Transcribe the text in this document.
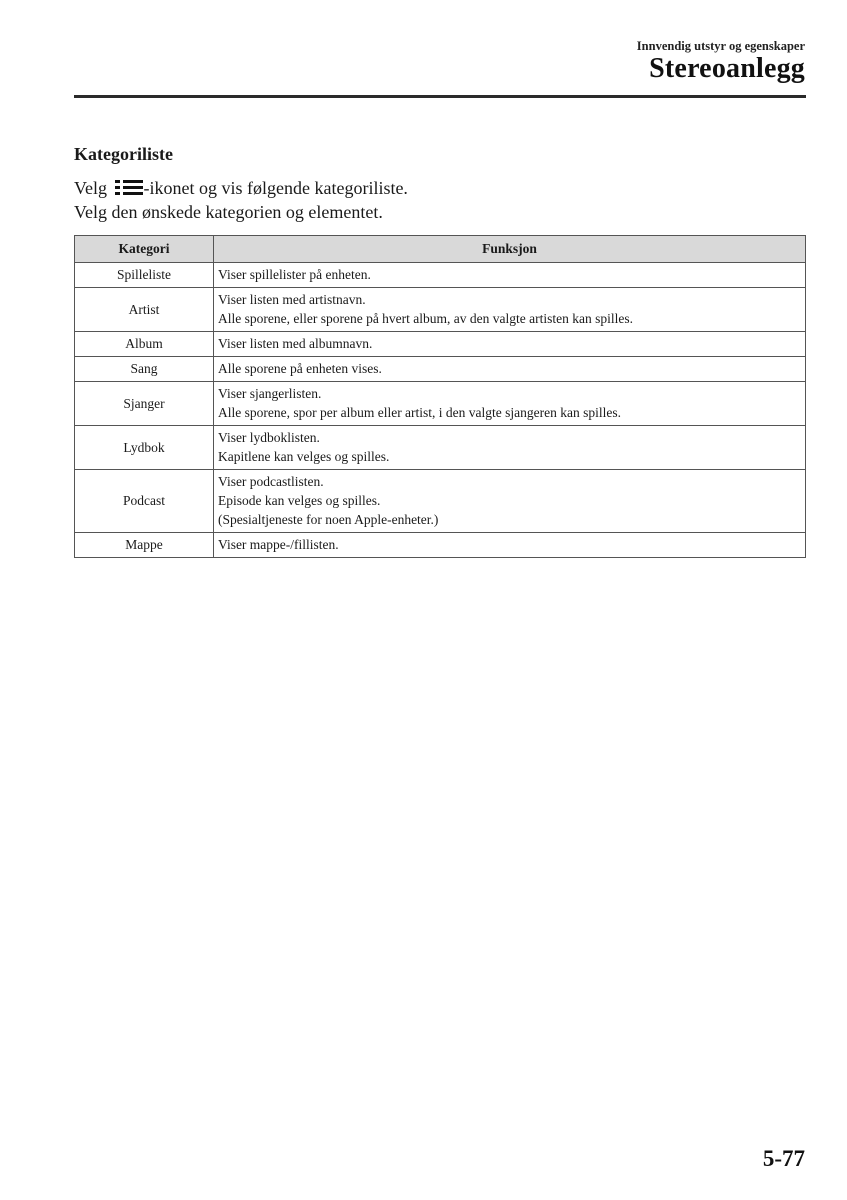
Innvendig utstyr og egenskaper
Stereoanlegg
Kategoriliste
Velg
-ikonet og vis følgende kategoriliste.
Velg den ønskede kategorien og elementet.
Kategori	Funksjon
Spilleliste	Viser spillelister på enheten.

Artist	Viser listen med artistnavn.
Alle sporene, eller sporene på hvert album, av den valgte artisten kan spilles.

Album	Viser listen med albumnavn.

Sang	Alle sporene på enheten vises.

Sjanger	Viser sjangerlisten.
Alle sporene, spor per album eller artist, i den valgte sjangeren kan spilles.

Lydbok	Viser lydboklisten.
Kapitlene kan velges og spilles.

Podcast	Viser podcastlisten.
Episode kan velges og spilles.
(Spesialtjeneste for noen Apple-enheter.)

Mappe	Viser mappe-/fillisten.
5-77
